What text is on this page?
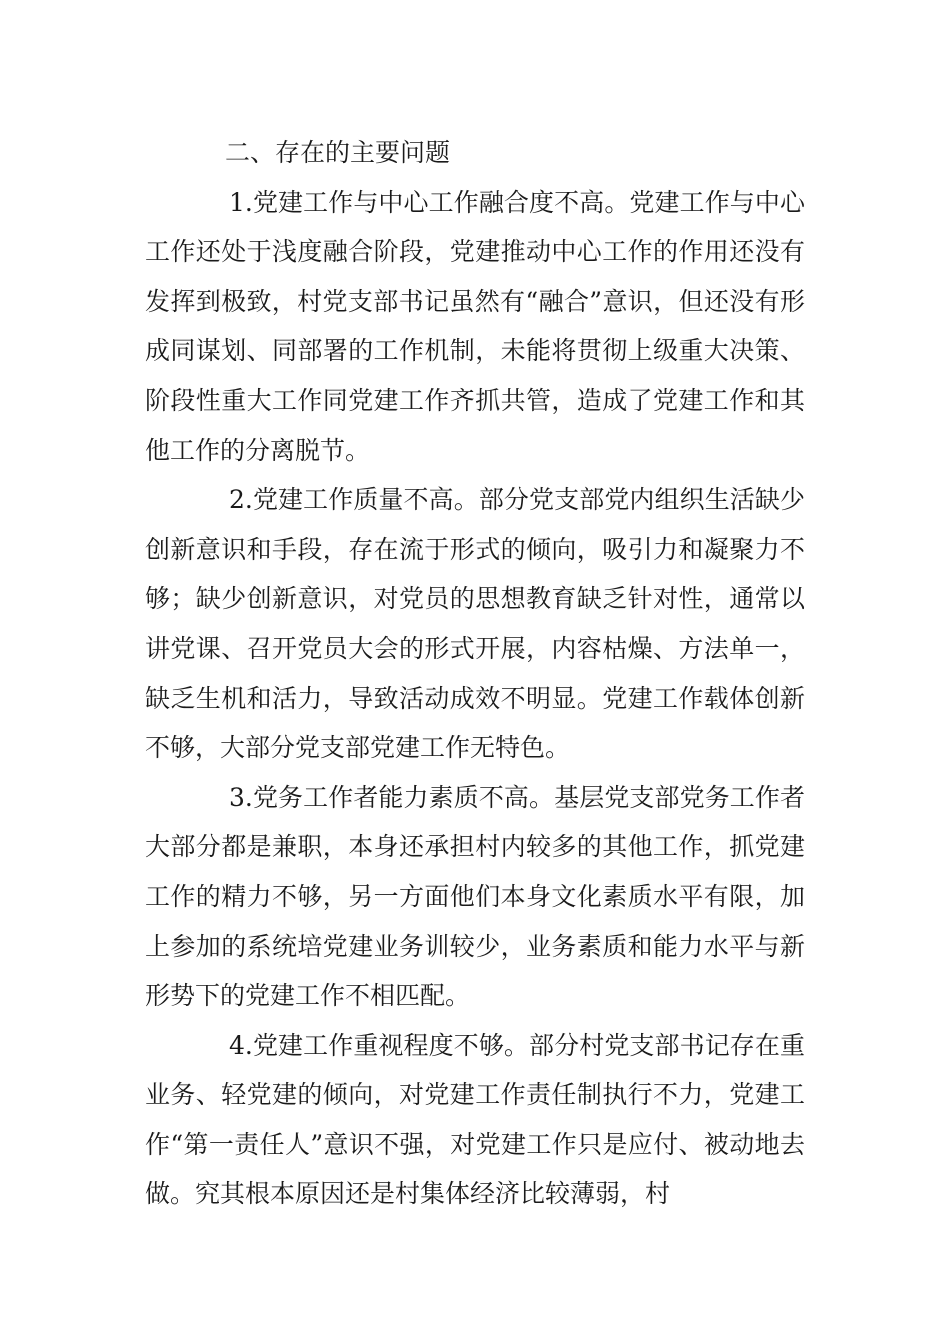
二、存在的主要问题

1.党建工作与中心工作融合度不高。党建工作与中心工作还处于浅度融合阶段，党建推动中心工作的作用还没有发挥到极致，村党支部书记虽然有“融合”意识，但还没有形成同谋划、同部署的工作机制，未能将贯彻上级重大决策、阶段性重大工作同党建工作齐抓共管，造成了党建工作和其他工作的分离脱节。

2.党建工作质量不高。部分党支部党内组织生活缺少创新意识和手段，存在流于形式的倾向，吸引力和凝聚力不够；缺少创新意识，对党员的思想教育缺乏针对性，通常以讲党课、召开党员大会的形式开展，内容枯燥、方法单一，缺乏生机和活力，导致活动成效不明显。党建工作载体创新不够，大部分党支部党建工作无特色。

3.党务工作者能力素质不高。基层党支部党务工作者大部分都是兼职，本身还承担村内较多的其他工作，抓党建工作的精力不够，另一方面他们本身文化素质水平有限，加上参加的系统培党建业务训较少，业务素质和能力水平与新形势下的党建工作不相匹配。

4.党建工作重视程度不够。部分村党支部书记存在重业务、轻党建的倾向，对党建工作责任制执行不力，党建工作“第一责任人”意识不强，对党建工作只是应付、被动地去做。究其根本原因还是村集体经济比较薄弱，村
